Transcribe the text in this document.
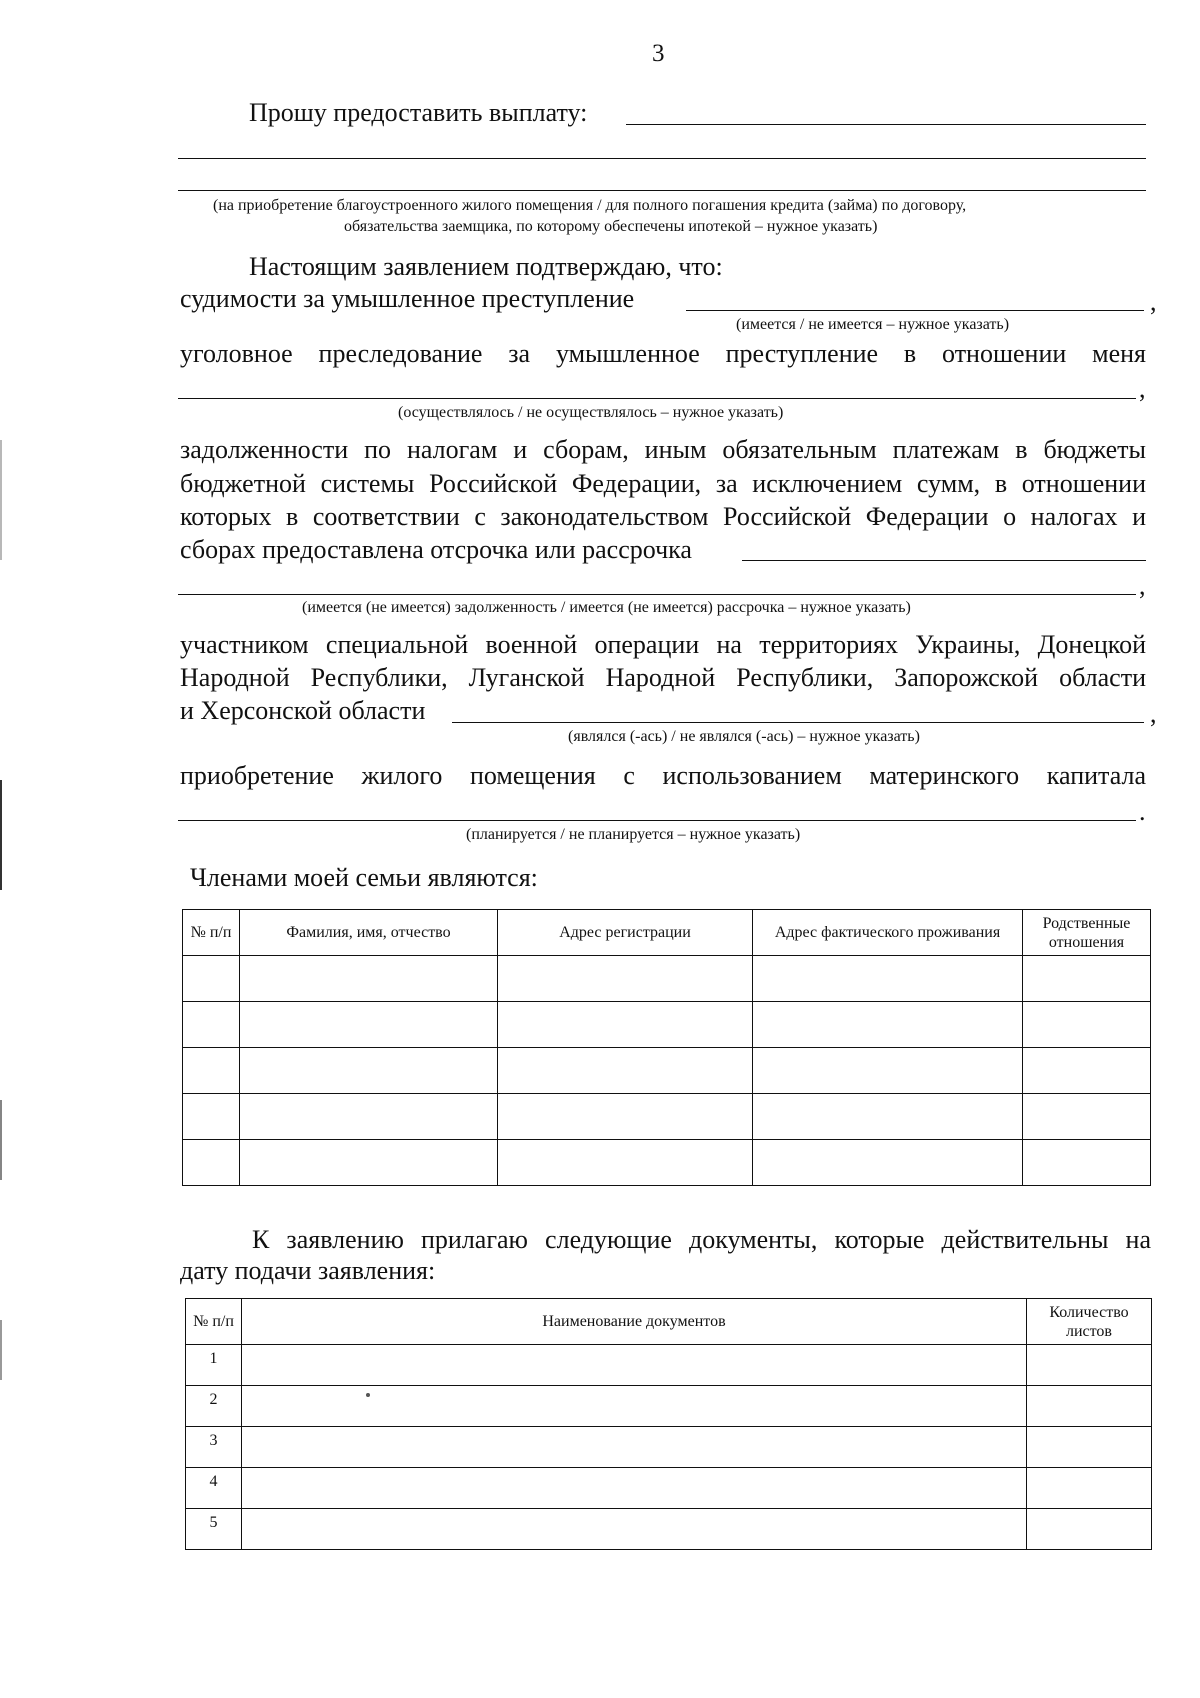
3
Прошу предоставить выплату:
(на приобретение благоустроенного жилого помещения / для полного погашения кредита (займа) по договору,
обязательства заемщика, по которому обеспечены ипотекой – нужное указать)
Настоящим заявлением подтверждаю, что:
судимости за умышленное преступление	,
(имеется / не имеется – нужное указать)
уголовное преследование за умышленное преступление в отношении меня
,
(осуществлялось / не осуществлялось – нужное указать)
задолженности по налогам и сборам, иным обязательным платежам в бюджеты
бюджетной системы Российской Федерации, за исключением сумм, в отношении
которых в соответствии с законодательством Российской Федерации о налогах и
сборах предоставлена отсрочка или рассрочка
,
(имеется (не имеется) задолженность / имеется (не имеется) рассрочка – нужное указать)
участником специальной военной операции на территориях Украины, Донецкой
Народной Республики, Луганской Народной Республики, Запорожской области
и Херсонской области	,
(являлся (-ась) / не являлся (-ась) – нужное указать)
приобретение жилого помещения с использованием материнского капитала
.
(планируется / не планируется – нужное указать)
Членами моей семьи являются:
№ п/п	Фамилия, имя, отчество	Адрес регистрации	Адрес фактического проживания	Родственные отношения

К заявлению прилагаю следующие документы, которые действительны на
дату подачи заявления:
№ п/п	Наименование документов	Количество листов
1		
2		
3		
4		
5		
